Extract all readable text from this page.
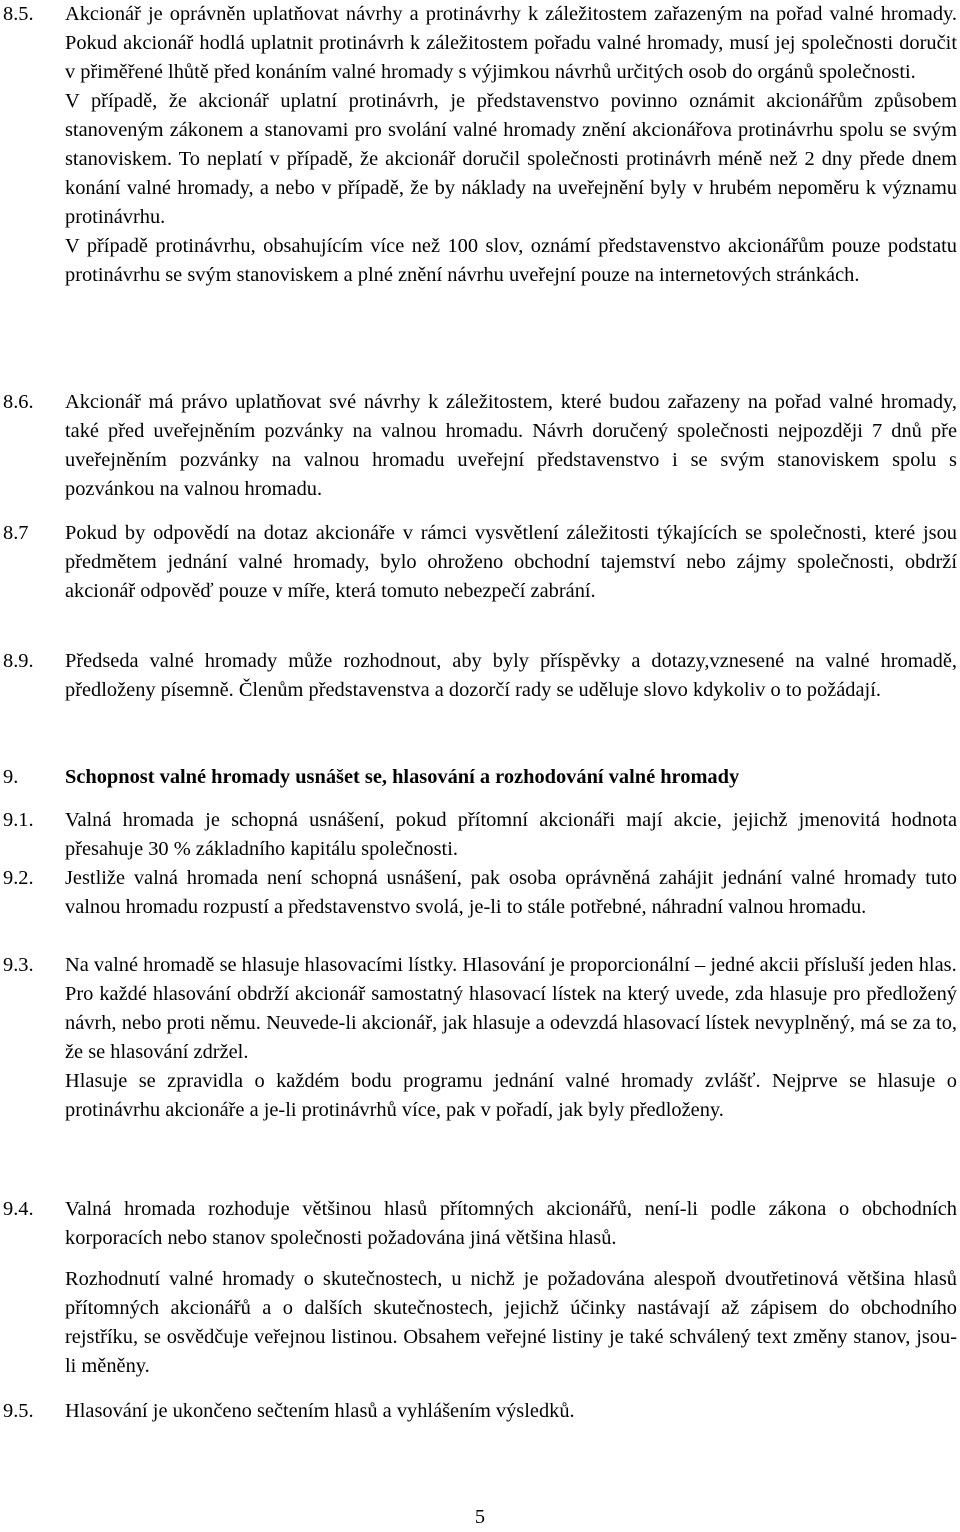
8.5. Akcionář je oprávněn uplatňovat návrhy a protinávrhy k záležitostem zařazeným na pořad valné hromady. Pokud akcionář hodlá uplatnit protinávrh k záležitostem pořadu valné hromady, musí jej společnosti doručit v přiměřené lhůtě před konáním valné hromady s výjimkou návrhů určitých osob do orgánů společnosti.

V případě, že akcionář uplatní protinávrh, je představenstvo povinno oznámit akcionářům způsobem stanoveným zákonem a stanovami pro svolání valné hromady znění akcionářova protinávrhu spolu se svým stanoviskem. To neplatí v případě, že akcionář doručil společnosti protinávrh méně než 2 dny přede dnem konání valné hromady, a nebo v případě, že by náklady na uveřejnění byly v hrubém nepoměru k významu protinávrhu.

V případě protinávrhu, obsahujícím více než 100 slov, oznámí představenstvo akcionářům pouze podstatu protinávrhu se svým stanoviskem a plné znění návrhu uveřejní pouze na internetových stránkách.

8.6. Akcionář má právo uplatňovat své návrhy k záležitostem, které budou zařazeny na pořad valné hromady, také před uveřejněním pozvánky na valnou hromadu. Návrh doručený společnosti nejpozději 7 dnů pře uveřejněním pozvánky na valnou hromadu uveřejní představenstvo i se svým stanoviskem spolu s pozvánkou na valnou hromadu.

8.7 Pokud by odpovědí na dotaz akcionáře v rámci vysvětlení záležitosti týkajících se společnosti, které jsou předmětem jednání valné hromady, bylo ohroženo obchodní tajemství nebo zájmy společnosti, obdrží akcionář odpověď pouze v míře, která tomuto nebezpečí zabrání.

8.9. Předseda valné hromady může rozhodnout, aby byly příspěvky a dotazy,vznesené na valné hromadě, předloženy písemně. Členům představenstva a dozorčí rady se uděluje slovo kdykoliv o to požádají.

9. Schopnost valné hromady usnášet se, hlasování a rozhodování valné hromady

9.1. Valná hromada je schopná usnášení, pokud přítomní akcionáři mají akcie, jejichž jmenovitá hodnota přesahuje 30 % základního kapitálu společnosti.

9.2. Jestliže valná hromada není schopná usnášení, pak osoba oprávněná zahájit jednání valné hromady tuto valnou hromadu rozpustí a představenstvo svolá, je-li to stále potřebné, náhradní valnou hromadu.

9.3. Na valné hromadě se hlasuje hlasovacími lístky. Hlasování je proporcionální – jedné akcii přísluší jeden hlas.

Pro každé hlasování obdrží akcionář samostatný hlasovací lístek na který uvede, zda hlasuje pro předložený návrh, nebo proti němu. Neuvede-li akcionář, jak hlasuje a odevzdá hlasovací lístek nevyplněný, má se za to, že se hlasování zdržel.

Hlasuje se zpravidla o každém bodu programu jednání valné hromady zvlášť. Nejprve se hlasuje o protinávrhu akcionáře a je-li protinávrhů více, pak v pořadí, jak byly předloženy.

9.4. Valná hromada rozhoduje většinou hlasů přítomných akcionářů, není-li podle zákona o obchodních korporacích nebo stanov společnosti požadována jiná většina hlasů.

Rozhodnutí valné hromady o skutečnostech, u nichž je požadována alespoň dvoutřetinová většina hlasů přítomných akcionářů a o dalších skutečnostech, jejichž účinky nastávají až zápisem do obchodního rejstříku, se osvědčuje veřejnou listinou. Obsahem veřejné listiny je také schválený text změny stanov, jsou-li měněny.

9.5. Hlasování je ukončeno sečtením hlasů a vyhlášením výsledků.

5
